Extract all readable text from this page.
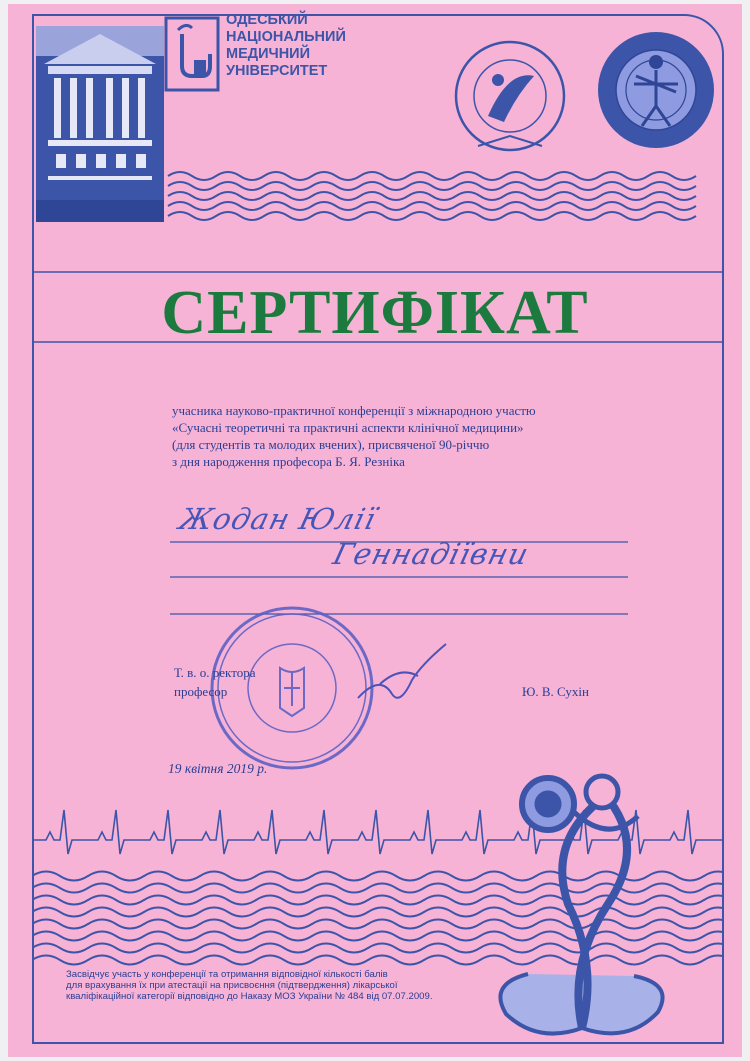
ОДЕСЬКИЙ
НАЦІОНАЛЬНИЙ
МЕДИЧНИЙ
УНІВЕРСИТЕТ
СЕРТИФІКАТ
учасника науково-практичної конференції з міжнародною участю
«Сучасні теоретичні та практичні аспекти клінічної медицини»
(для студентів та молодих вчених), присвяченої 90-річчю
з дня народження професора Б. Я. Резніка
Жодан Юлії
Геннадіївни
Т. в. о. ректора
професор	Ю. В. Сухін
19 квітня 2019 р.
Засвідчує участь у конференції та отримання відповідної кількості балів
для врахування їх при атестації на присвоєння (підтвердження) лікарської
кваліфікаційної категорії відповідно до Наказу МОЗ України № 484 від 07.07.2009.
